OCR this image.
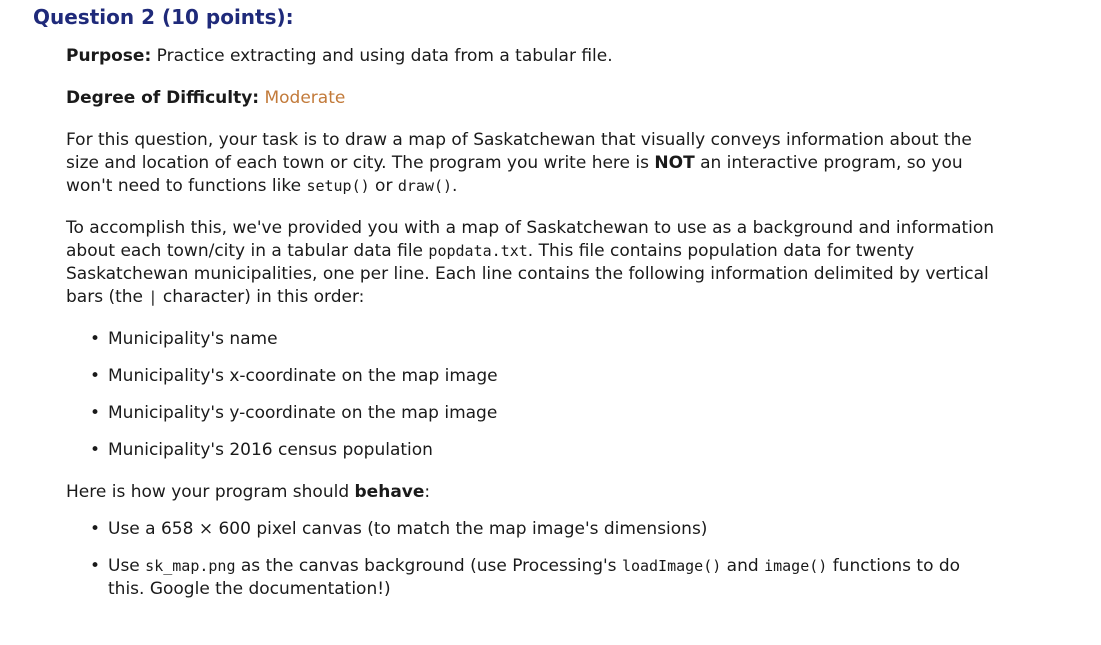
Question 2 (10 points):

Purpose: Practice extracting and using data from a tabular file.

Degree of Difficulty: Moderate

For this question, your task is to draw a map of Saskatchewan that visually conveys information about the size and location of each town or city. The program you write here is NOT an interactive program, so you won't need to functions like setup() or draw().

To accomplish this, we've provided you with a map of Saskatchewan to use as a background and information about each town/city in a tabular data file popdata.txt. This file contains population data for twenty Saskatchewan municipalities, one per line. Each line contains the following information delimited by vertical bars (the | character) in this order:

• Municipality's name
• Municipality's x-coordinate on the map image
• Municipality's y-coordinate on the map image
• Municipality's 2016 census population

Here is how your program should behave:

• Use a 658 × 600 pixel canvas (to match the map image's dimensions)
• Use sk_map.png as the canvas background (use Processing's loadImage() and image() functions to do this. Google the documentation!)
